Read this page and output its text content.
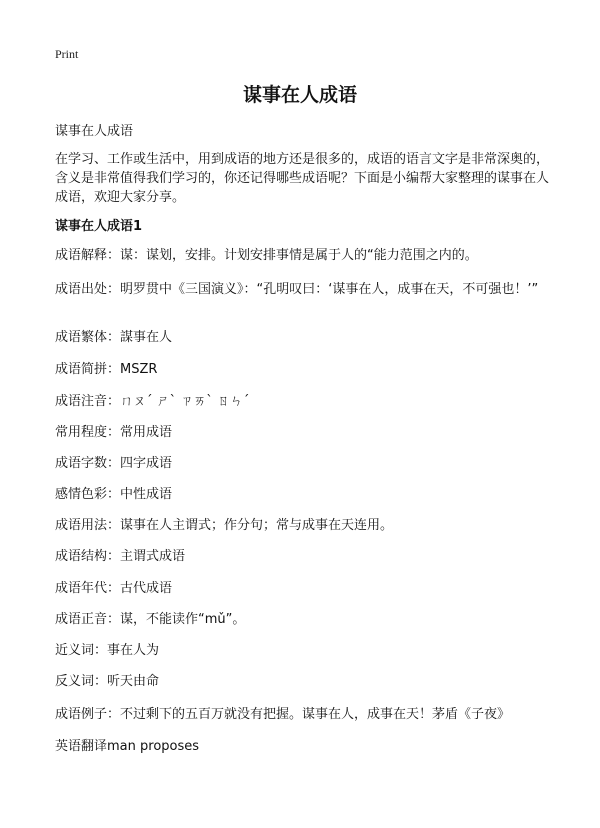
Print
谋事在人成语
谋事在人成语

在学习、工作或生活中，用到成语的地方还是很多的，成语的语言文字是非常深奥的，含义是非常值得我们学习的，你还记得哪些成语呢？下面是小编帮大家整理的谋事在人成语，欢迎大家分享。

谋事在人成语1

成语解释：谋：谋划，安排。计划安排事情是属于人的“能力范围之内的。

成语出处：明罗贯中《三国演义》：“孔明叹曰：‘谋事在人，成事在天，不可强也！’”

成语繁体：謀事在人

成语简拼：MSZR

成语注音：ㄇㄡˊ ㄕˋ ㄗㄞˋ ㄖㄣˊ

常用程度：常用成语

成语字数：四字成语

感情色彩：中性成语

成语用法：谋事在人主谓式；作分句；常与成事在天连用。

成语结构：主谓式成语

成语年代：古代成语

成语正音：谋，不能读作“mǔ”。

近义词：事在人为

反义词：听天由命

成语例子：不过剩下的五百万就没有把握。谋事在人，成事在天！茅盾《子夜》

英语翻译man proposes
